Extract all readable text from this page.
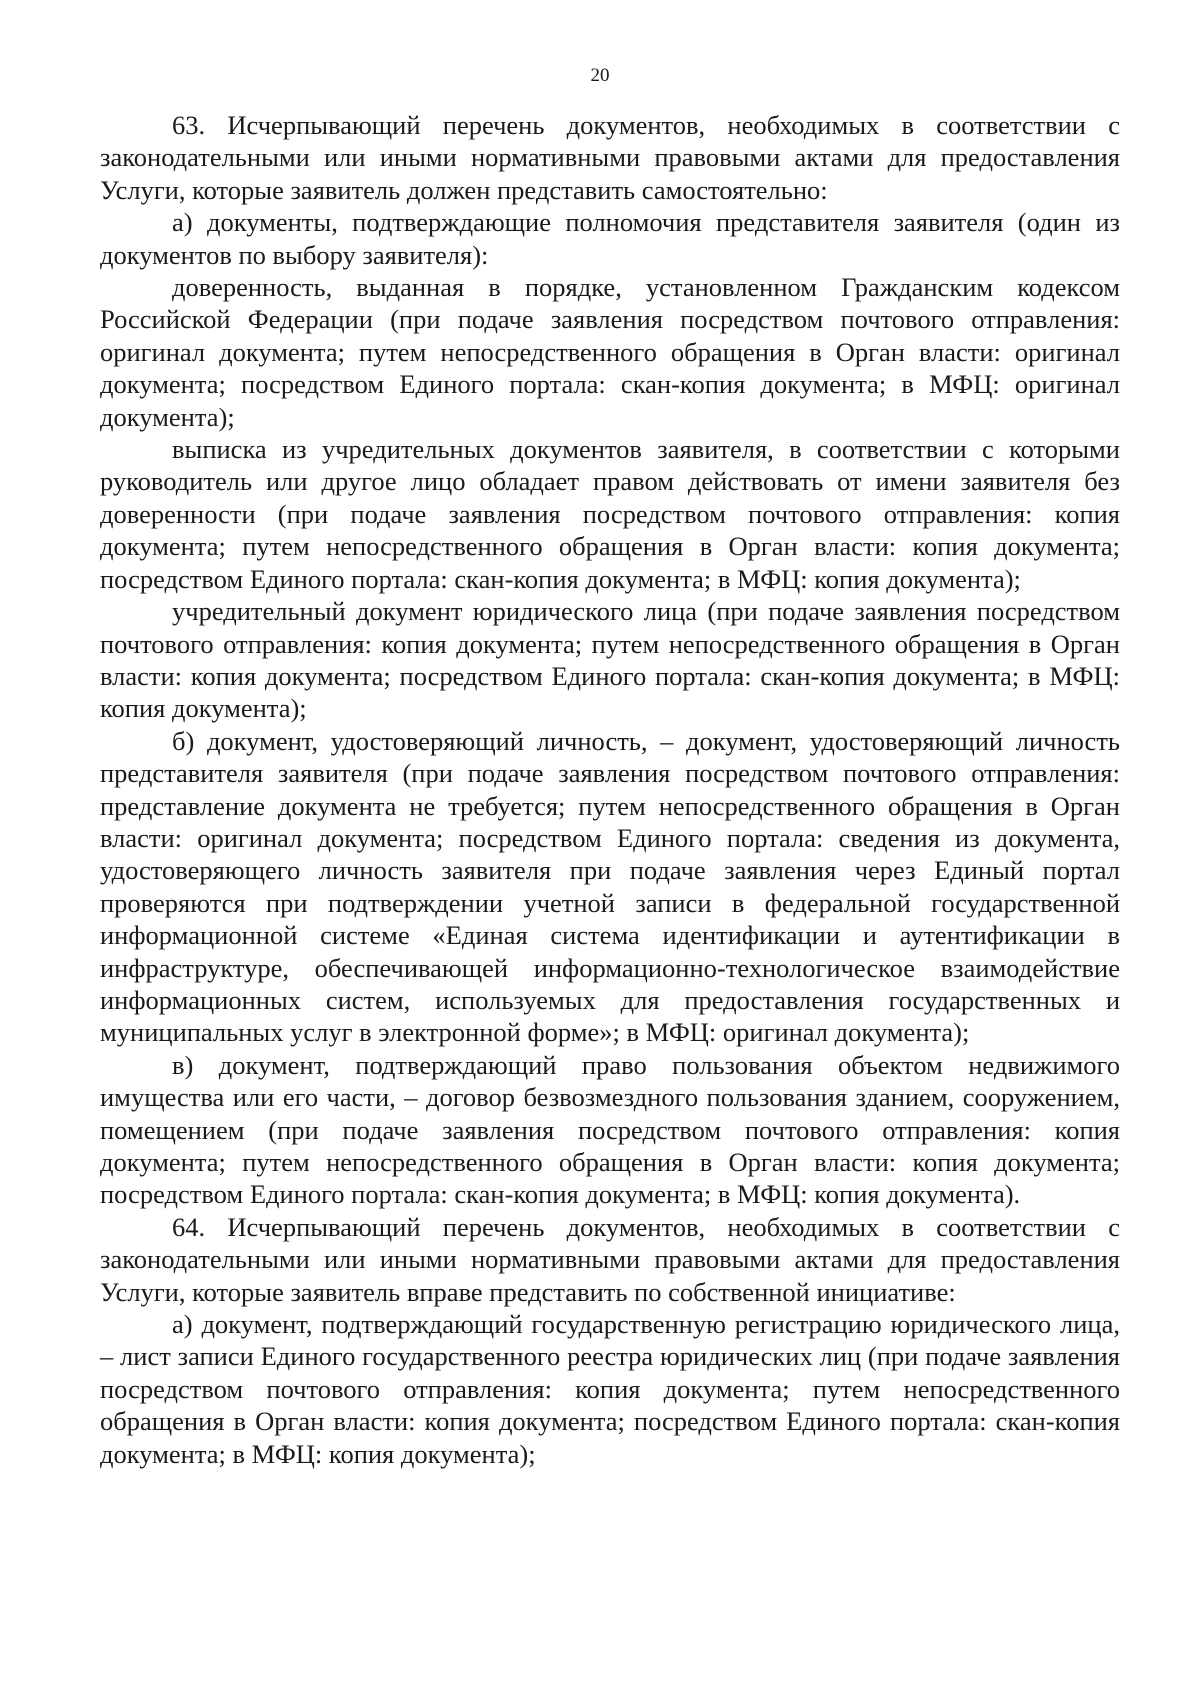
20

63. Исчерпывающий перечень документов, необходимых в соответствии с законодательными или иными нормативными правовыми актами для предоставления Услуги, которые заявитель должен представить самостоятельно:

а) документы, подтверждающие полномочия представителя заявителя (один из документов по выбору заявителя):

доверенность, выданная в порядке, установленном Гражданским кодексом Российской Федерации (при подаче заявления посредством почтового отправления: оригинал документа; путем непосредственного обращения в Орган власти: оригинал документа; посредством Единого портала: скан-копия документа; в МФЦ: оригинал документа);

выписка из учредительных документов заявителя, в соответствии с которыми руководитель или другое лицо обладает правом действовать от имени заявителя без доверенности (при подаче заявления посредством почтового отправления: копия документа; путем непосредственного обращения в Орган власти: копия документа; посредством Единого портала: скан-копия документа; в МФЦ: копия документа);

учредительный документ юридического лица (при подаче заявления посредством почтового отправления: копия документа; путем непосредственного обращения в Орган власти: копия документа; посредством Единого портала: скан-копия документа; в МФЦ: копия документа);

б) документ, удостоверяющий личность, – документ, удостоверяющий личность представителя заявителя (при подаче заявления посредством почтового отправления: представление документа не требуется; путем непосредственного обращения в Орган власти: оригинал документа; посредством Единого портала: сведения из документа, удостоверяющего личность заявителя при подаче заявления через Единый портал проверяются при подтверждении учетной записи в федеральной государственной информационной системе «Единая система идентификации и аутентификации в инфраструктуре, обеспечивающей информационно-технологическое взаимодействие информационных систем, используемых для предоставления государственных и муниципальных услуг в электронной форме»; в МФЦ: оригинал документа);

в) документ, подтверждающий право пользования объектом недвижимого имущества или его части, – договор безвозмездного пользования зданием, сооружением, помещением (при подаче заявления посредством почтового отправления: копия документа; путем непосредственного обращения в Орган власти: копия документа; посредством Единого портала: скан-копия документа; в МФЦ: копия документа).

64. Исчерпывающий перечень документов, необходимых в соответствии с законодательными или иными нормативными правовыми актами для предоставления Услуги, которые заявитель вправе представить по собственной инициативе:

а) документ, подтверждающий государственную регистрацию юридического лица, – лист записи Единого государственного реестра юридических лиц (при подаче заявления посредством почтового отправления: копия документа; путем непосредственного обращения в Орган власти: копия документа; посредством Единого портала: скан-копия документа; в МФЦ: копия документа);
